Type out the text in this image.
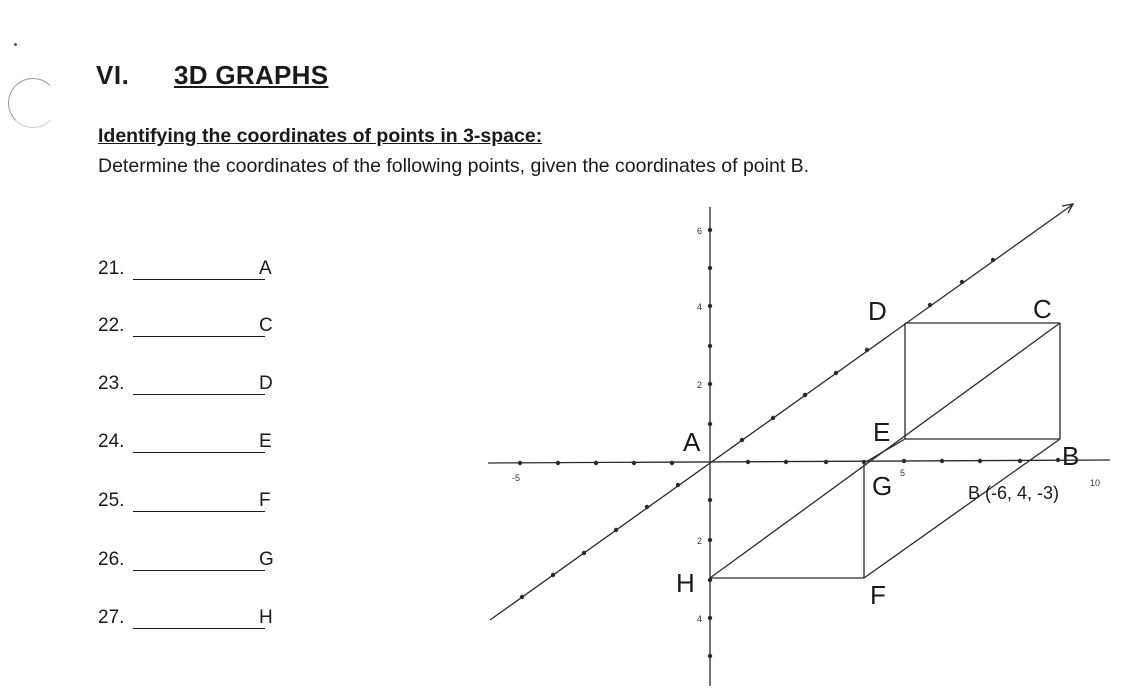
VI. 3D GRAPHS
Identifying the coordinates of points in 3-space:
Determine the coordinates of the following points, given the coordinates of point B.
21.	A
22.	C
23.	D
24.	E
25.	F
26.	G
27.	H
6
4
2
2
4
-5	5
10
A
C
D
E
B
G
F
H
B (-6, 4, -3)
